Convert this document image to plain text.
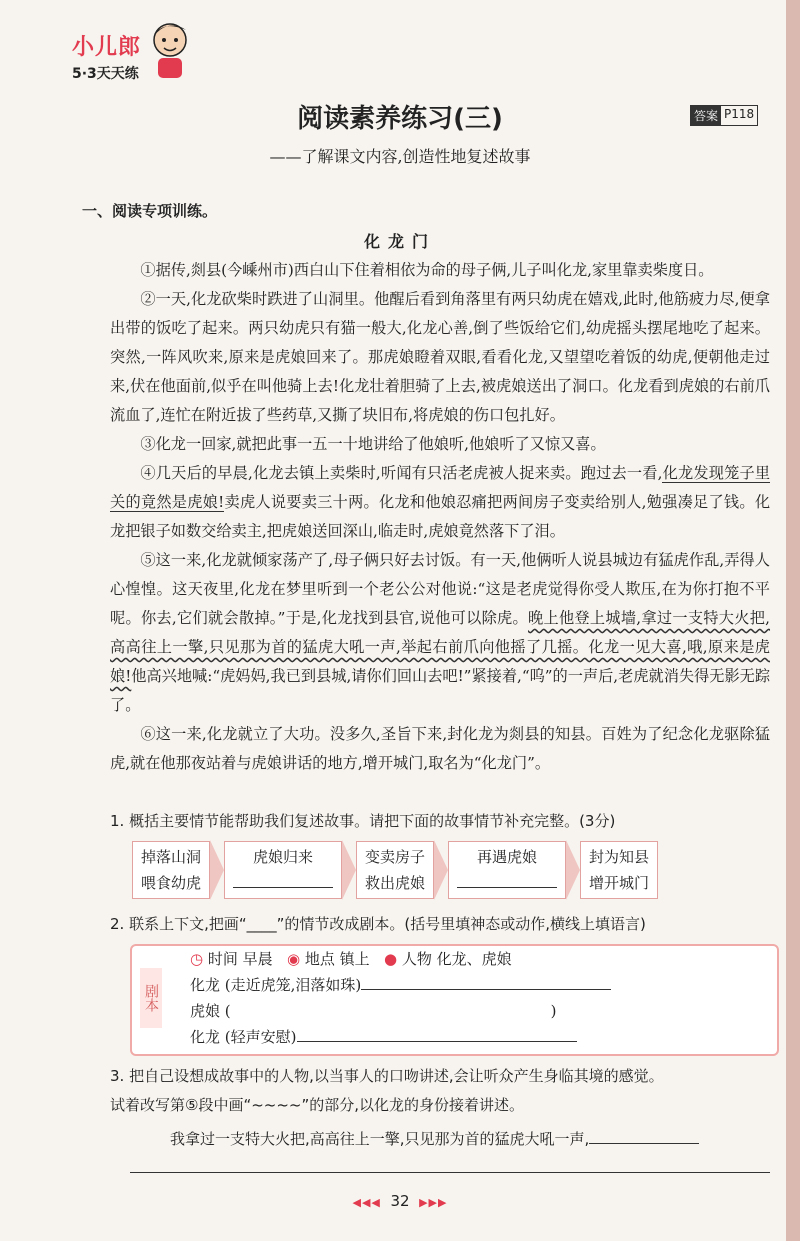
小儿郎
5·3天天练
阅读素养练习(三)
——了解课文内容,创造性地复述故事
答案 P118
一、阅读专项训练。
化龙门

①据传,剡县(今嵊州市)西白山下住着相依为命的母子俩,儿子叫化龙,家里靠卖柴度日。

②一天,化龙砍柴时跌进了山洞里。他醒后看到角落里有两只幼虎在嬉戏,此时,他筋疲力尽,便拿出带的饭吃了起来。两只幼虎只有猫一般大,化龙心善,倒了些饭给它们,幼虎摇头摆尾地吃了起来。突然,一阵风吹来,原来是虎娘回来了。那虎娘瞪着双眼,看看化龙,又望望吃着饭的幼虎,便朝他走过来,伏在他面前,似乎在叫他骑上去!化龙壮着胆骑了上去,被虎娘送出了洞口。化龙看到虎娘的右前爪流血了,连忙在附近拔了些药草,又撕了块旧布,将虎娘的伤口包扎好。

③化龙一回家,就把此事一五一十地讲给了他娘听,他娘听了又惊又喜。

④几天后的早晨,化龙去镇上卖柴时,听闻有只活老虎被人捉来卖。跑过去一看,化龙发现笼子里关的竟然是虎娘!卖虎人说要卖三十两。化龙和他娘忍痛把两间房子变卖给别人,勉强凑足了钱。化龙把银子如数交给卖主,把虎娘送回深山,临走时,虎娘竟然落下了泪。

⑤这一来,化龙就倾家荡产了,母子俩只好去讨饭。有一天,他俩听人说县城边有猛虎作乱,弄得人心惶惶。这天夜里,化龙在梦里听到一个老公公对他说:“这是老虎觉得你受人欺压,在为你打抱不平呢。你去,它们就会散掉。”于是,化龙找到县官,说他可以除虎。晚上他登上城墙,拿过一支特大火把,高高往上一擎,只见那为首的猛虎大吼一声,举起右前爪向他摇了几摇。化龙一见大喜,哦,原来是虎娘!他高兴地喊:“虎妈妈,我已到县城,请你们回山去吧!”紧接着,“呜”的一声后,老虎就消失得无影无踪了。

⑥这一来,化龙就立了大功。没多久,圣旨下来,封化龙为剡县的知县。百姓为了纪念化龙驱除猛虎,就在他那夜站着与虎娘讲话的地方,增开城门,取名为“化龙门”。

1. 概括主要情节能帮助我们复述故事。请把下面的故事情节补充完整。(3分)
掉落山洞
喂食幼虎
虎娘归来	变卖房子
救出虎娘
再遇虎娘	封为知县
增开城门
2. 联系上下文,把画“____”的情节改成剧本。(括号里填神态或动作,横线上填语言)
剧本
◷ 时间 早晨 ◉ 地点 镇上 ● 人物 化龙、虎娘
化龙 (走近虎笼,泪落如珠)
虎娘 (	)
化龙 (轻声安慰)
3. 把自己设想成故事中的人物,以当事人的口吻讲述,会让听众产生身临其境的感觉。
试着改写第⑤段中画“~~~~”的部分,以化龙的身份接着讲述。
我拿过一支特大火把,高高往上一擎,只见那为首的猛虎大吼一声,
◀◀◀ 32 ▶▶▶
